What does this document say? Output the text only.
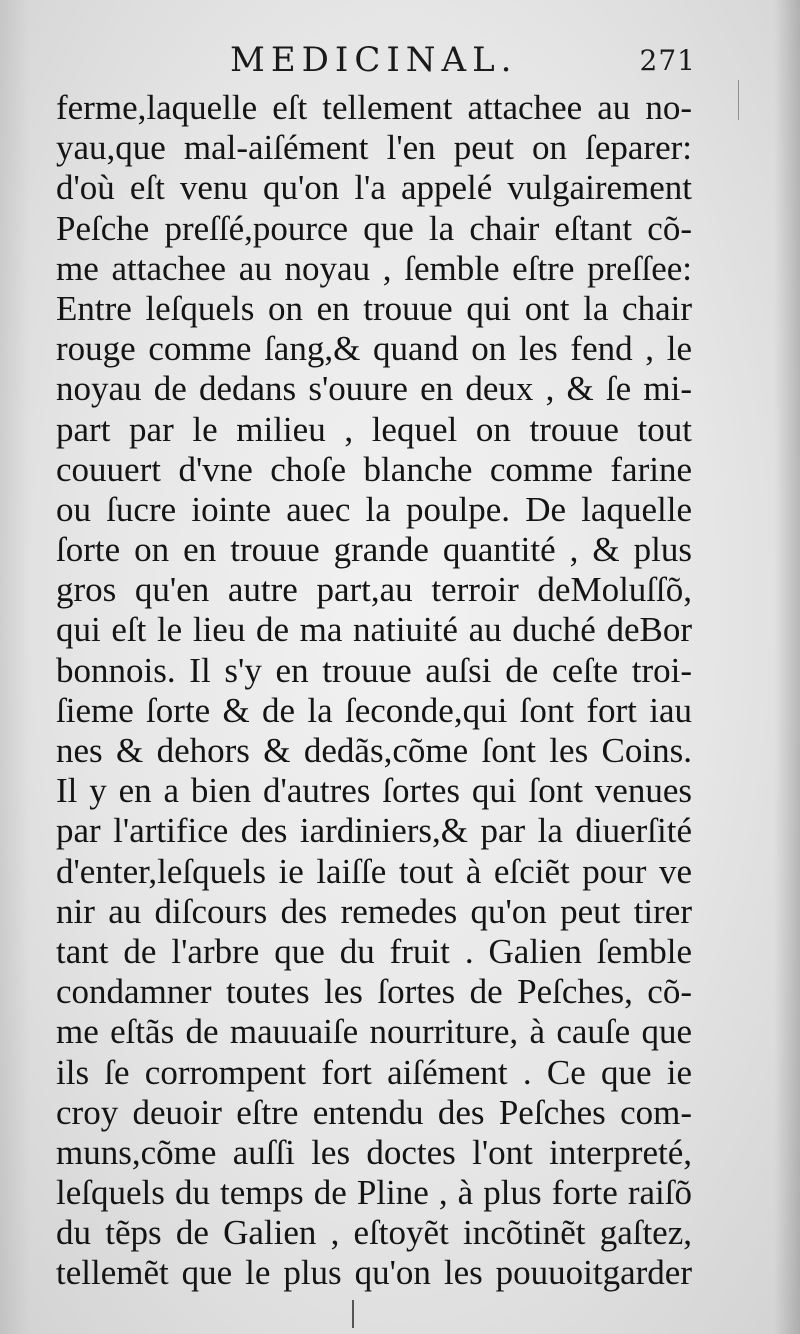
MEDICINAL.	271
ferme,laquelle eſt tellement attachee au no-
yau,que mal-aiſément l'en peut on ſeparer:
d'où eſt venu qu'on l'a appelé vulgairement
Peſche preſſé,pource que la chair eſtant cõ-
me attachee au noyau , ſemble eſtre preſſee:
Entre leſquels on en trouue qui ont la chair
rouge comme ſang,& quand on les fend , le
noyau de dedans s'ouure en deux , & ſe mi-
part par le milieu , lequel on trouue tout
couuert d'vne choſe blanche comme farine
ou ſucre iointe auec la poulpe. De laquelle
ſorte on en trouue grande quantité , & plus
gros qu'en autre part,au terroir deMoluſſõ,
qui eſt le lieu de ma natiuité au duché deBor
bonnois. Il s'y en trouue auſsi de ceſte troi-
ſieme ſorte & de la ſeconde,qui ſont fort iau
nes & dehors & dedãs,cõme ſont les Coins.
Il y en a bien d'autres ſortes qui ſont venues
par l'artifice des iardiniers,& par la diuerſité
d'enter,leſquels ie laiſſe tout à eſciẽt pour ve
nir au diſcours des remedes qu'on peut tirer
tant de l'arbre que du fruit . Galien ſemble
condamner toutes les ſortes de Peſches, cõ-
me eſtãs de mauuaiſe nourriture, à cauſe que
ils ſe corrompent fort aiſément . Ce que ie
croy deuoir eſtre entendu des Peſches com-
muns,cõme auſſi les doctes l'ont interpreté,
leſquels du temps de Pline , à plus forte raiſõ
du tẽps de Galien , eſtoyẽt incõtinẽt gaſtez,
tellemẽt que le plus qu'on les pouuoitgarder
